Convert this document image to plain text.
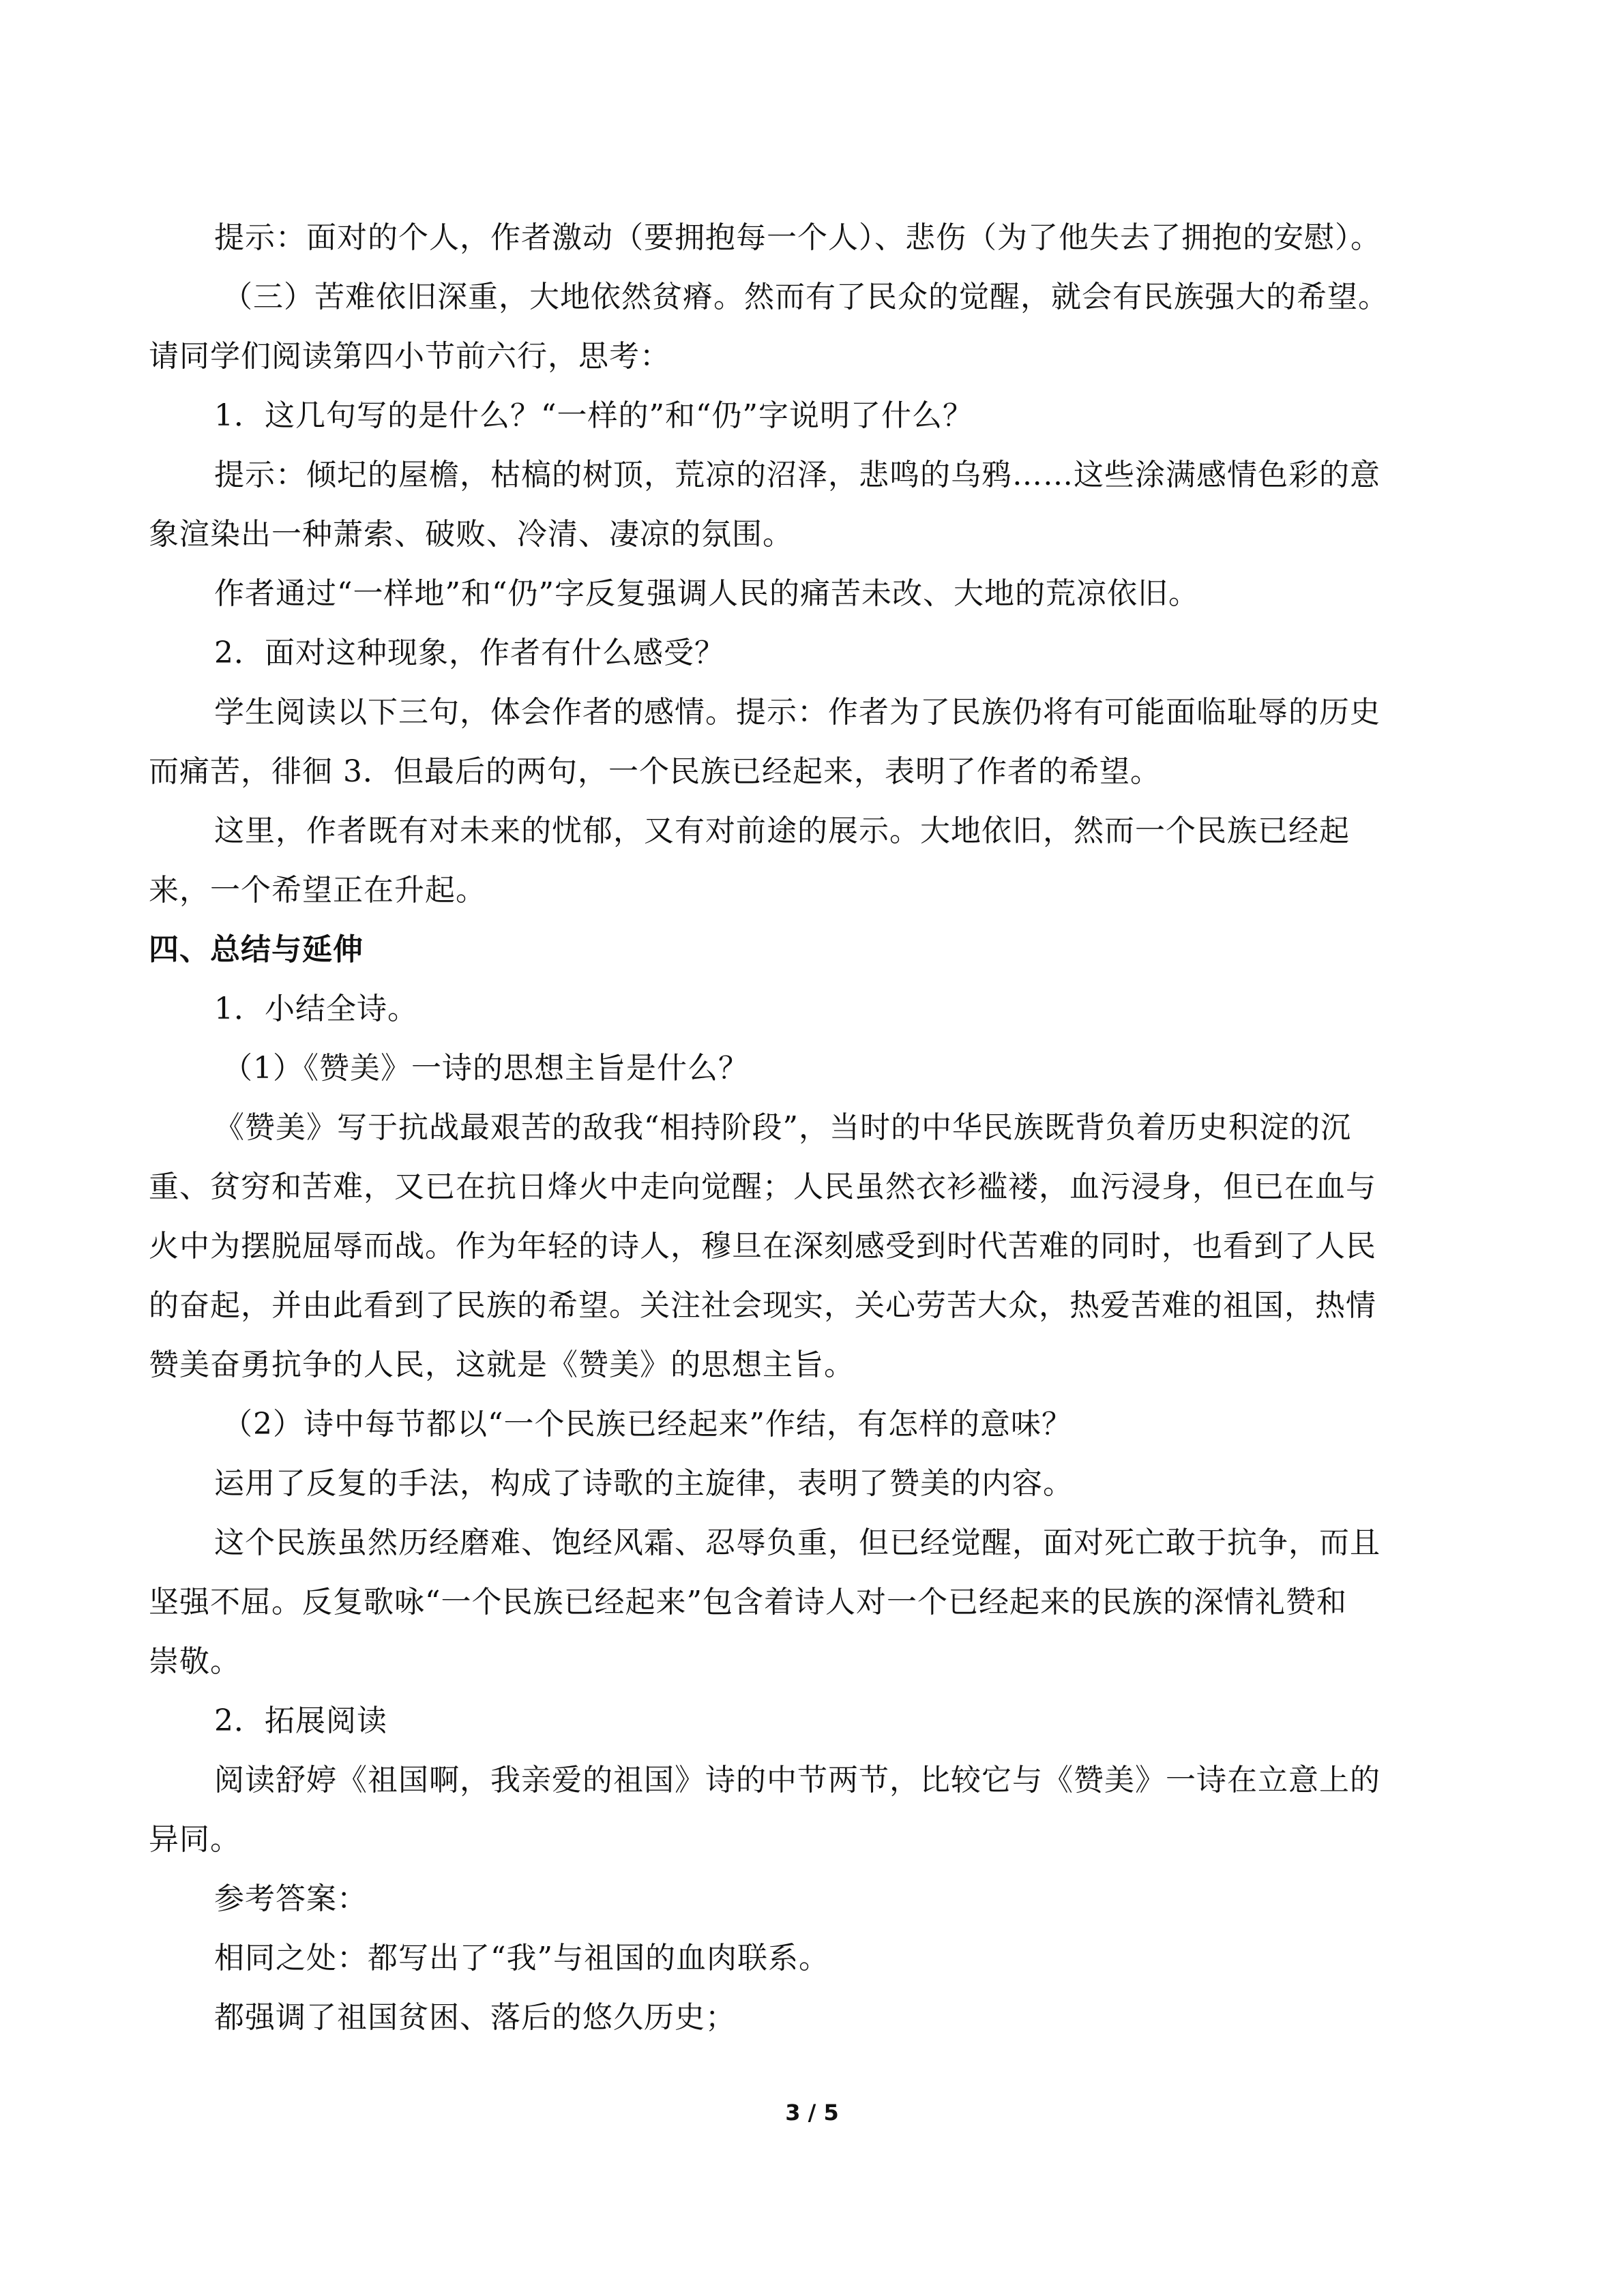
提示：面对的个人，作者激动（要拥抱每一个人）、悲伤（为了他失去了拥抱的安慰）。
（三）苦难依旧深重，大地依然贫瘠。然而有了民众的觉醒，就会有民族强大的希望。
请同学们阅读第四小节前六行，思考：
1．这几句写的是什么？“一样的”和“仍”字说明了什么？
提示：倾圮的屋檐，枯槁的树顶，荒凉的沼泽，悲鸣的乌鸦……这些涂满感情色彩的意
象渲染出一种萧索、破败、冷清、凄凉的氛围。
作者通过“一样地”和“仍”字反复强调人民的痛苦未改、大地的荒凉依旧。
2．面对这种现象，作者有什么感受？
学生阅读以下三句，体会作者的感情。提示：作者为了民族仍将有可能面临耻辱的历史
而痛苦，徘徊 3．但最后的两句，一个民族已经起来，表明了作者的希望。
这里，作者既有对未来的忧郁，又有对前途的展示。大地依旧，然而一个民族已经起
来，一个希望正在升起。
四、总结与延伸
1．小结全诗。
（1）《赞美》一诗的思想主旨是什么？
《赞美》写于抗战最艰苦的敌我“相持阶段”，当时的中华民族既背负着历史积淀的沉
重、贫穷和苦难，又已在抗日烽火中走向觉醒；人民虽然衣衫褴褛，血污浸身，但已在血与
火中为摆脱屈辱而战。作为年轻的诗人，穆旦在深刻感受到时代苦难的同时，也看到了人民
的奋起，并由此看到了民族的希望。关注社会现实，关心劳苦大众，热爱苦难的祖国，热情
赞美奋勇抗争的人民，这就是《赞美》的思想主旨。
（2）诗中每节都以“一个民族已经起来”作结，有怎样的意味？
运用了反复的手法，构成了诗歌的主旋律，表明了赞美的内容。
这个民族虽然历经磨难、饱经风霜、忍辱负重，但已经觉醒，面对死亡敢于抗争，而且
坚强不屈。反复歌咏“一个民族已经起来”包含着诗人对一个已经起来的民族的深情礼赞和
崇敬。
2．拓展阅读
阅读舒婷《祖国啊，我亲爱的祖国》诗的中节两节，比较它与《赞美》一诗在立意上的
异同。
参考答案：
相同之处：都写出了“我”与祖国的血肉联系。
都强调了祖国贫困、落后的悠久历史；
3 / 5
